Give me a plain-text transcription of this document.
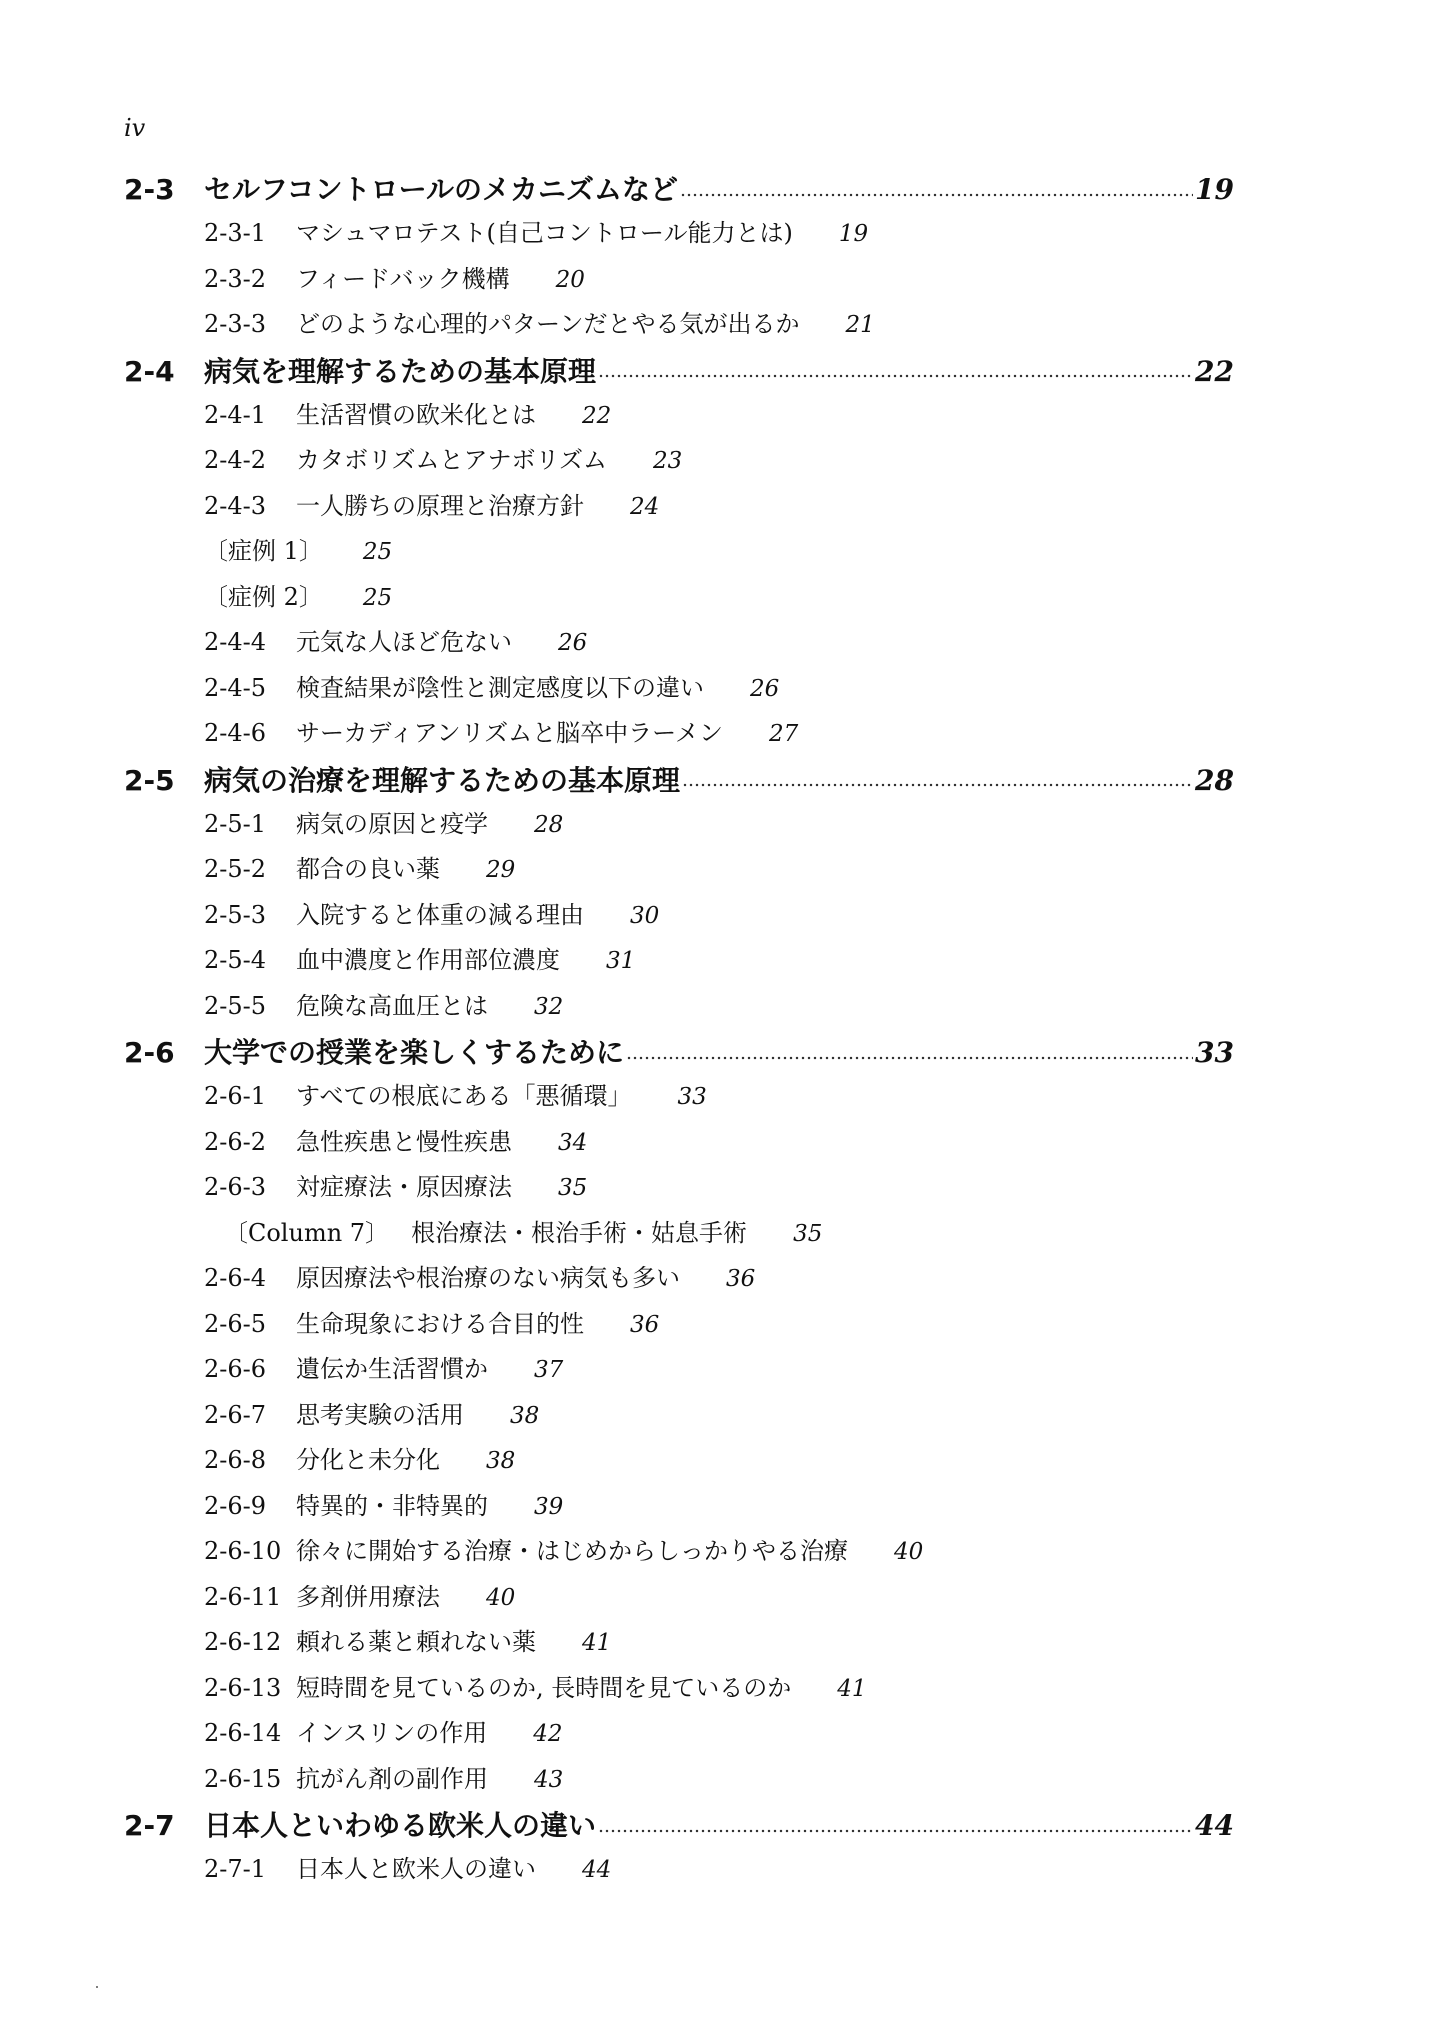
iv
2-3	セルフコントロールのメカニズムなど	19
2-3-1	マシュマロテスト(自己コントロール能力とは) 19
2-3-2	フィードバック機構 20
2-3-3	どのような心理的パターンだとやる気が出るか 21
2-4	病気を理解するための基本原理	22
2-4-1	生活習慣の欧米化とは 22
2-4-2	カタボリズムとアナボリズム 23
2-4-3	一人勝ちの原理と治療方針 24
〔症例 1〕 25
〔症例 2〕 25
2-4-4	元気な人ほど危ない 26
2-4-5	検査結果が陰性と測定感度以下の違い 26
2-4-6	サーカディアンリズムと脳卒中ラーメン 27
2-5	病気の治療を理解するための基本原理	28
2-5-1	病気の原因と疫学 28
2-5-2	都合の良い薬 29
2-5-3	入院すると体重の減る理由 30
2-5-4	血中濃度と作用部位濃度 31
2-5-5	危険な高血圧とは 32
2-6	大学での授業を楽しくするために	33
2-6-1	すべての根底にある「悪循環」 33
2-6-2	急性疾患と慢性疾患 34
2-6-3	対症療法・原因療法 35
〔Column 7〕 根治療法・根治手術・姑息手術 35
2-6-4	原因療法や根治療のない病気も多い 36
2-6-5	生命現象における合目的性 36
2-6-6	遺伝か生活習慣か 37
2-6-7	思考実験の活用 38
2-6-8	分化と未分化 38
2-6-9	特異的・非特異的 39
2-6-10 徐々に開始する治療・はじめからしっかりやる治療 40
2-6-11 多剤併用療法 40
2-6-12 頼れる薬と頼れない薬 41
2-6-13 短時間を見ているのか, 長時間を見ているのか 41
2-6-14 インスリンの作用 42
2-6-15 抗がん剤の副作用 43
2-7	日本人といわゆる欧米人の違い	44
2-7-1	日本人と欧米人の違い 44
